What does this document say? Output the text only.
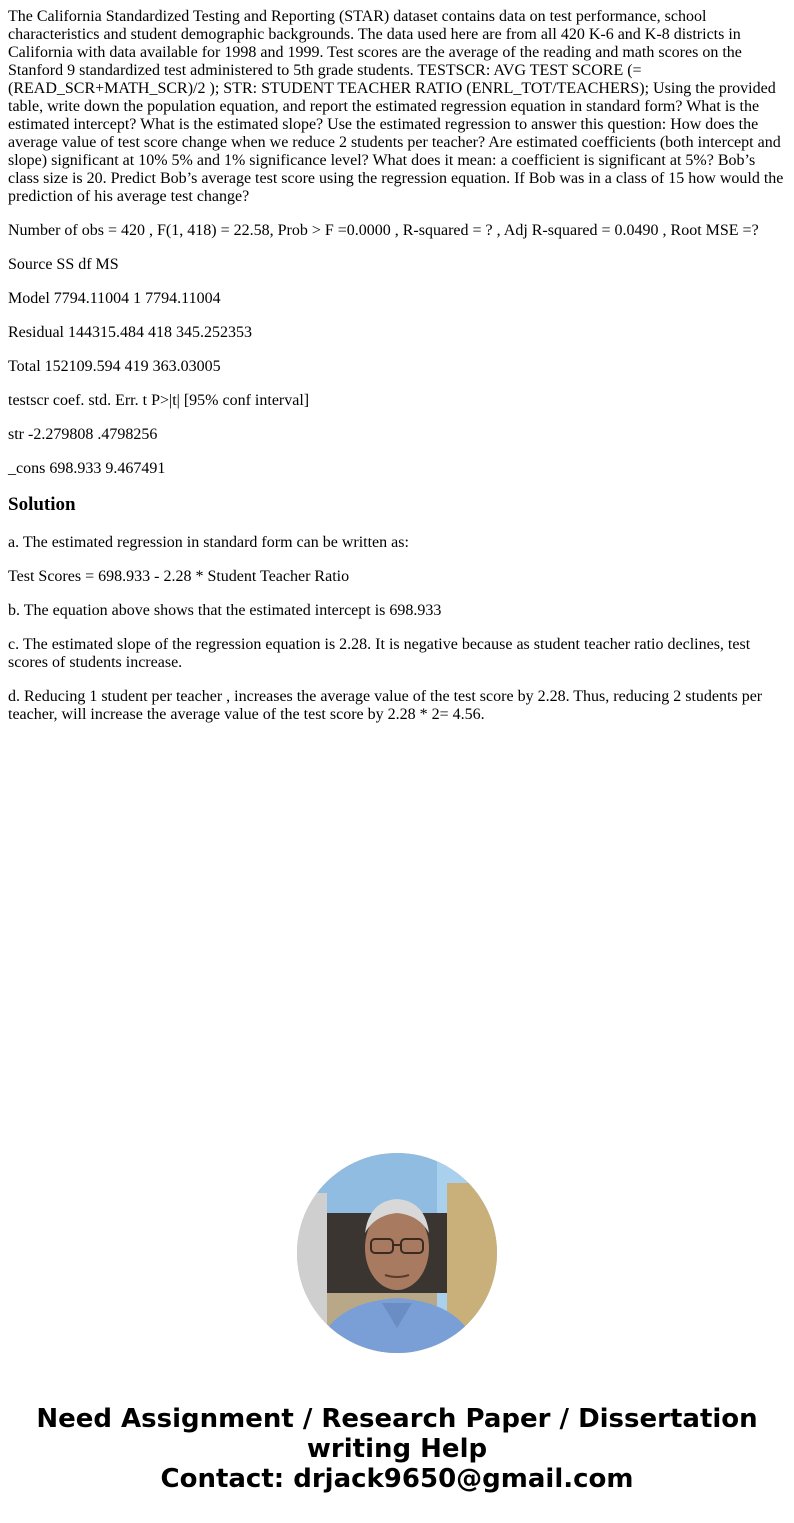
The California Standardized Testing and Reporting (STAR) dataset contains data on test performance, school characteristics and student demographic backgrounds. The data used here are from all 420 K-6 and K-8 districts in California with data available for 1998 and 1999. Test scores are the average of the reading and math scores on the Stanford 9 standardized test administered to 5th grade students. TESTSCR: AVG TEST SCORE (= (READ_SCR+MATH_SCR)/2 ); STR: STUDENT TEACHER RATIO (ENRL_TOT/TEACHERS); Using the provided table, write down the population equation, and report the estimated regression equation in standard form? What is the estimated intercept? What is the estimated slope? Use the estimated regression to answer this question: How does the average value of test score change when we reduce 2 students per teacher? Are estimated coefficients (both intercept and slope) significant at 10% 5% and 1% significance level? What does it mean: a coefficient is significant at 5%? Bob’s class size is 20. Predict Bob’s average test score using the regression equation. If Bob was in a class of 15 how would the prediction of his average test change?

Number of obs = 420 , F(1, 418) = 22.58, Prob > F =0.0000 , R-squared = ? , Adj R-squared = 0.0490 , Root MSE =?

Source SS df MS

Model 7794.11004 1 7794.11004

Residual 144315.484 418 345.252353

Total 152109.594 419 363.03005

testscr coef. std. Err. t P>|t| [95% conf interval]

str -2.279808 .4798256

_cons 698.933 9.467491

Solution

a. The estimated regression in standard form can be written as:

Test Scores = 698.933 - 2.28 * Student Teacher Ratio

b. The equation above shows that the estimated intercept is 698.933

c. The estimated slope of the regression equation is 2.28. It is negative because as student teacher ratio declines, test scores of students increase.

d. Reducing 1 student per teacher , increases the average value of the test score by 2.28. Thus, reducing 2 students per teacher, will increase the average value of the test score by 2.28 * 2= 4.56.

Need Assignment / Research Paper / Dissertation
writing Help
Contact: drjack9650@gmail.com
